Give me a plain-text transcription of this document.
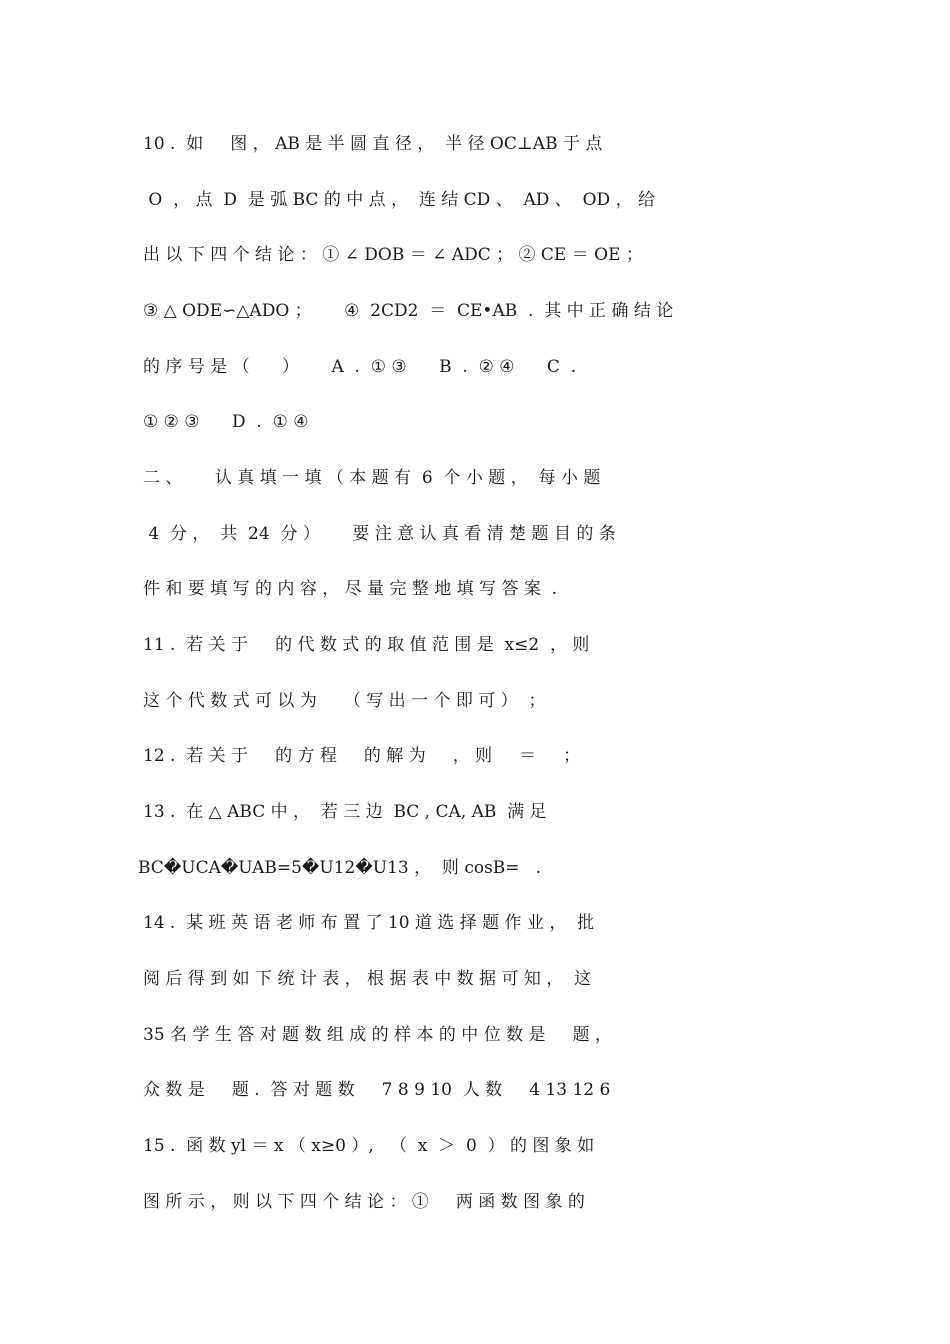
10 .  如     图 ， AB 是 半 圆 直 径 ，  半 径 OC⊥AB 于 点
O  ， 点  D  是 弧 BC 的 中 点 ，  连 结 CD 、  AD 、  OD ， 给
出 以 下 四 个 结 论 ： ① ∠ DOB ＝ ∠ ADC ； ② CE ＝ OE ；
③ △ ODE∽△ADO ；      ④  2CD2  ＝  CE•AB  .  其 中 正 确 结 论
的 序 号 是 （      ）      A  .  ① ③      B  .  ② ④      C  .
① ② ③      D  .  ① ④
二 、      认 真 填 一 填 （ 本 题 有  6  个 小 题 ，  每 小 题
4  分 ，  共  24  分 ）      要 注 意 认 真 看 清 楚 题 目 的 条
件 和 要 填 写 的 内 容 ， 尽 量 完 整 地 填 写 答 案  .
11 .  若 关 于     的 代 数 式 的 取 值 范 围 是  x≤2  ， 则
这 个 代 数 式 可 以 为     （ 写 出 一 个 即 可 ）  ；
12 .  若 关 于     的 方 程     的 解 为     ， 则     ＝     ；
13 .  在 △ ABC 中 ，  若 三 边  BC , CA, AB  满 足
BC�UCA�UAB=5�U12�U13 ，  则 cosB=   .
14 .  某 班 英 语 老 师 布 置 了 10 道 选 择 题 作 业 ，  批
阅 后 得 到 如 下 统 计 表 ， 根 据 表 中 数 据 可 知 ，  这
35 名 学 生 答 对 题 数 组 成 的 样 本 的 中 位 数 是     题 ，
众 数 是     题 .  答 对 题 数     7 8 9 10  人 数     4 13 12 6
15 .  函 数 yl ＝ x （ x≥0 ）,   （  x  ＞  0  ） 的 图 象 如
图 所 示 ， 则 以 下 四 个 结 论 ： ①     两 函 数 图 象 的
